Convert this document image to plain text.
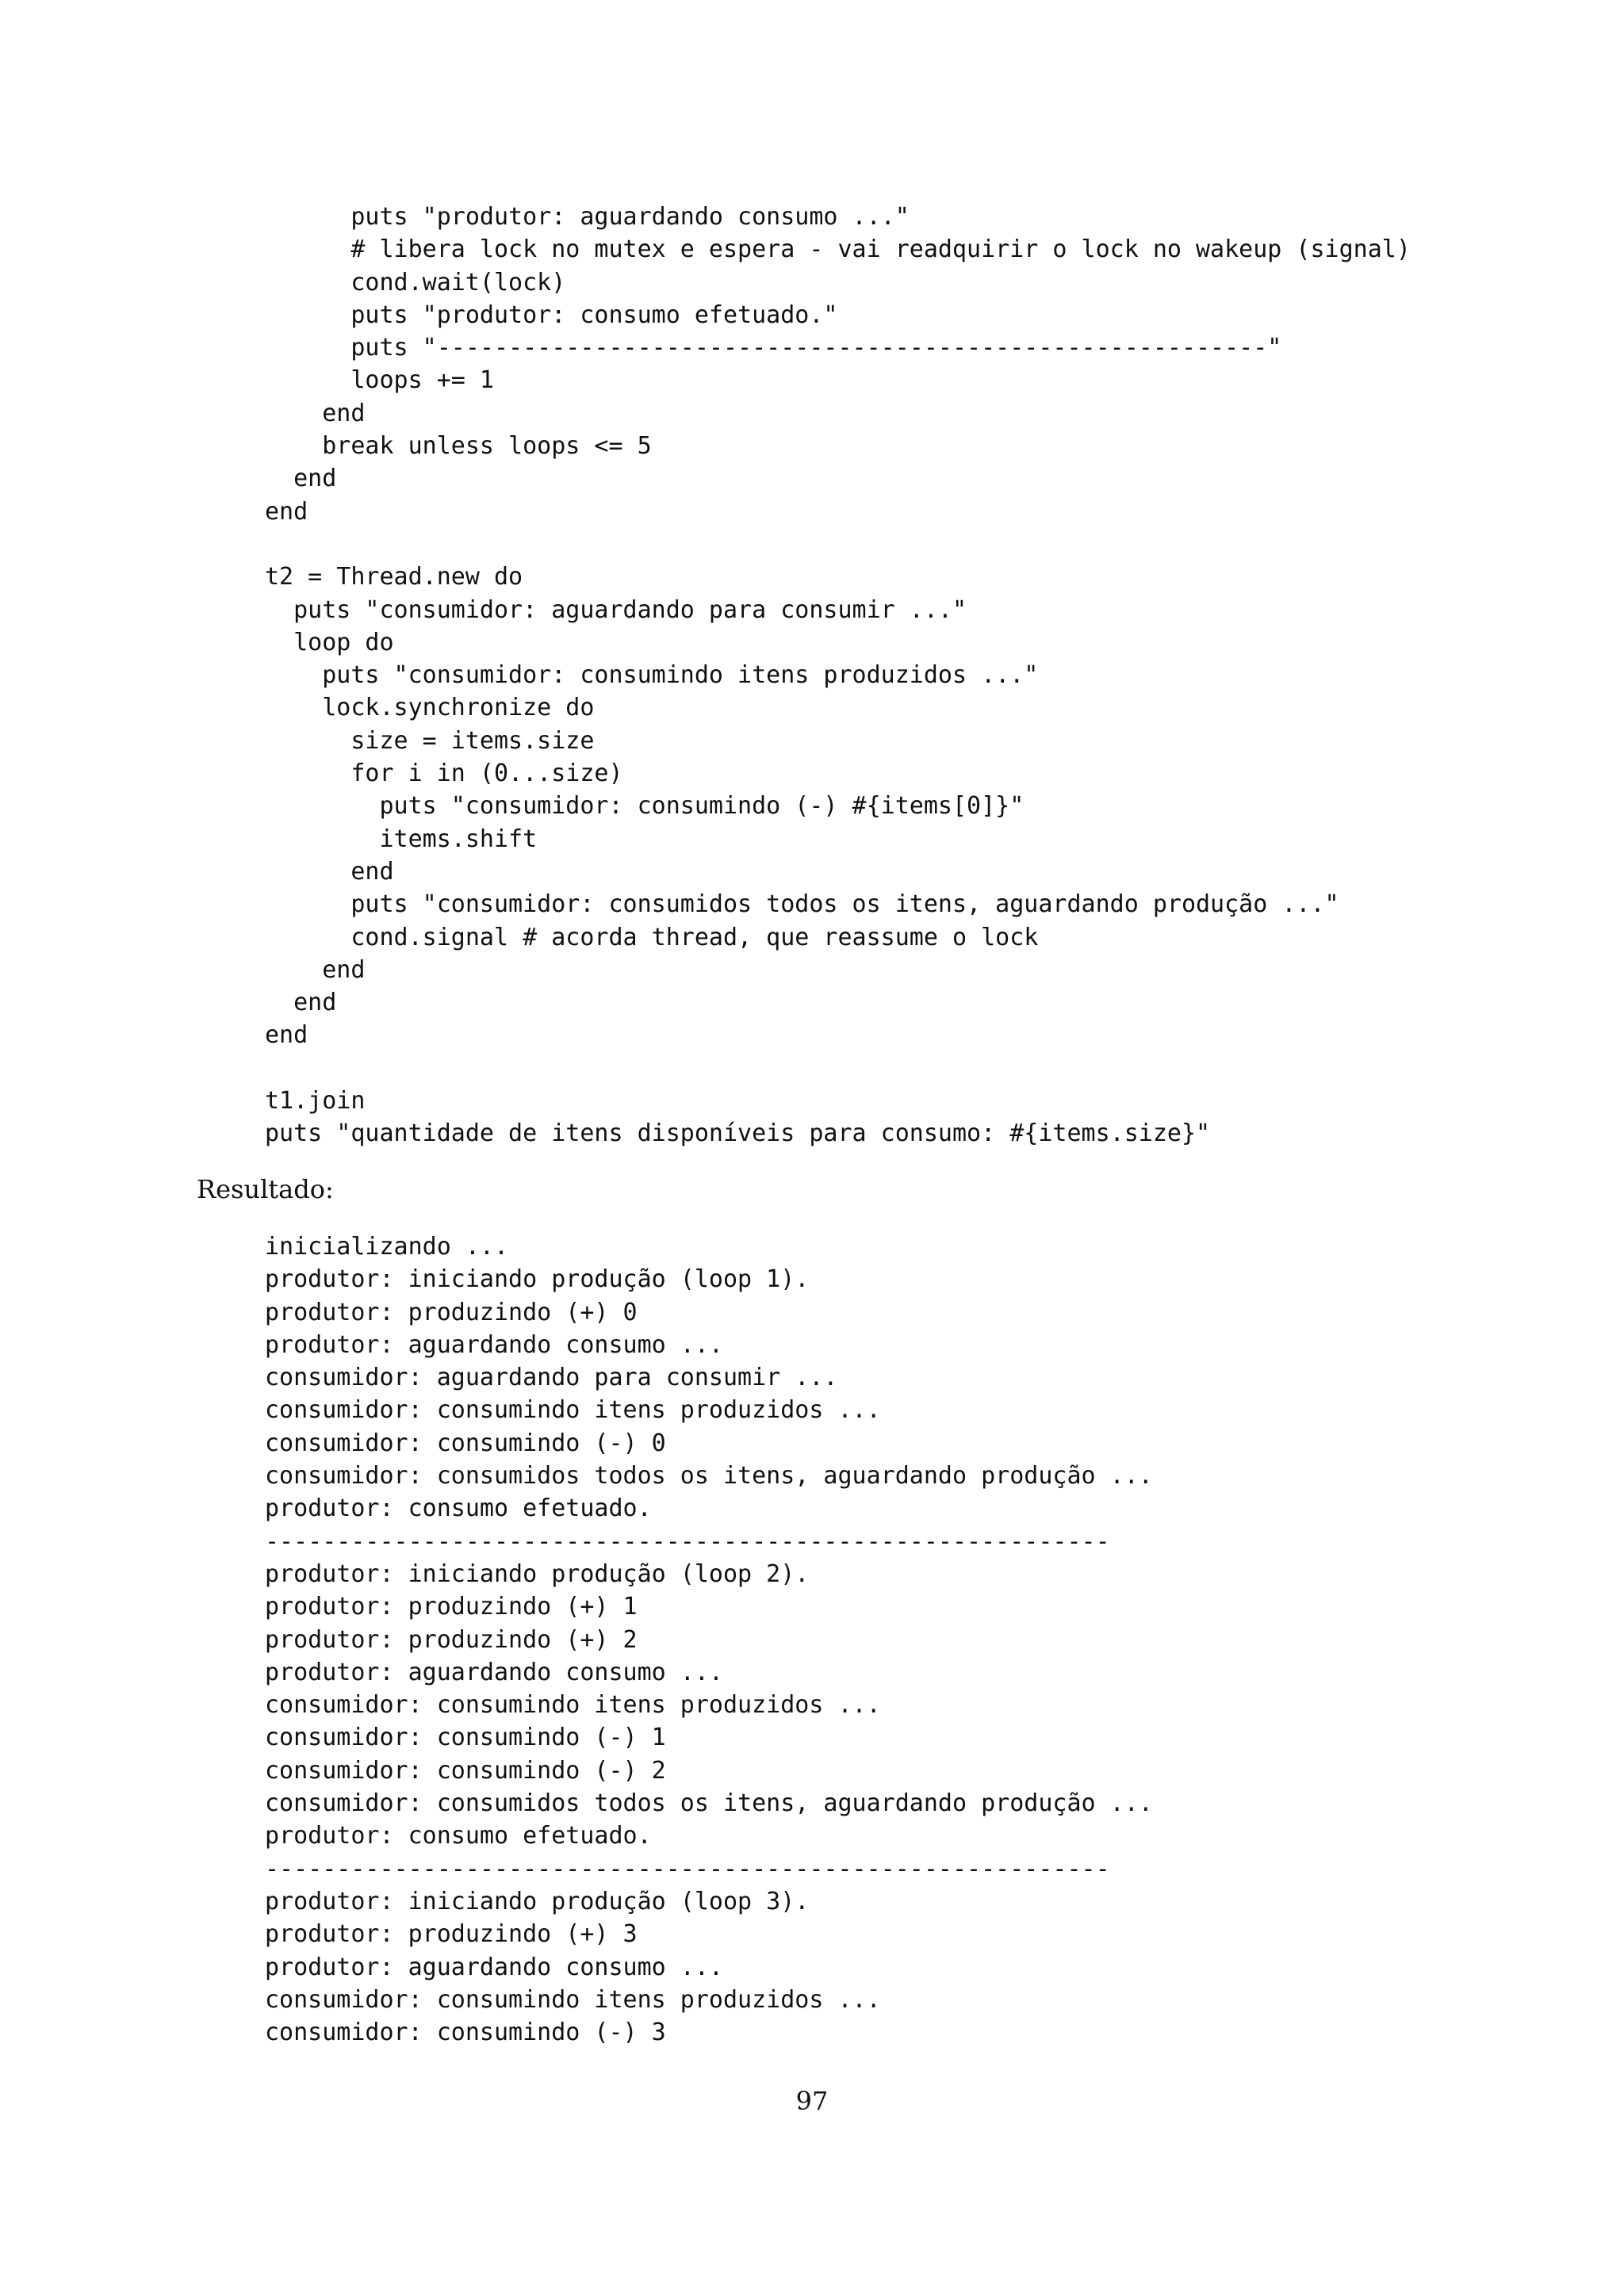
puts "produtor: aguardando consumo ..."
# libera lock no mutex e espera - vai readquirir o lock no wakeup (signal)
cond.wait(lock)
puts "produtor: consumo efetuado."
puts "----------------------------------------------------------"
loops += 1
end
break unless loops <= 5
end
end
t2 = Thread.new do
puts "consumidor: aguardando para consumir ..."
loop do
puts "consumidor: consumindo itens produzidos ..."
lock.synchronize do
size = items.size
for i in (0...size)
puts "consumidor: consumindo (-) #{items[0]}"
items.shift
end
puts "consumidor: consumidos todos os itens, aguardando produção ..."
cond.signal # acorda thread, que reassume o lock
end
end
end
t1.join
puts "quantidade de itens disponíveis para consumo: #{items.size}"
Resultado:
inicializando ...
produtor: iniciando produção (loop 1).
produtor: produzindo (+) 0
produtor: aguardando consumo ...
consumidor: aguardando para consumir ...
consumidor: consumindo itens produzidos ...
consumidor: consumindo (-) 0
consumidor: consumidos todos os itens, aguardando produção ...
produtor: consumo efetuado.
-----------------------------------------------------------
produtor: iniciando produção (loop 2).
produtor: produzindo (+) 1
produtor: produzindo (+) 2
produtor: aguardando consumo ...
consumidor: consumindo itens produzidos ...
consumidor: consumindo (-) 1
consumidor: consumindo (-) 2
consumidor: consumidos todos os itens, aguardando produção ...
produtor: consumo efetuado.
-----------------------------------------------------------
produtor: iniciando produção (loop 3).
produtor: produzindo (+) 3
produtor: aguardando consumo ...
consumidor: consumindo itens produzidos ...
consumidor: consumindo (-) 3
97
